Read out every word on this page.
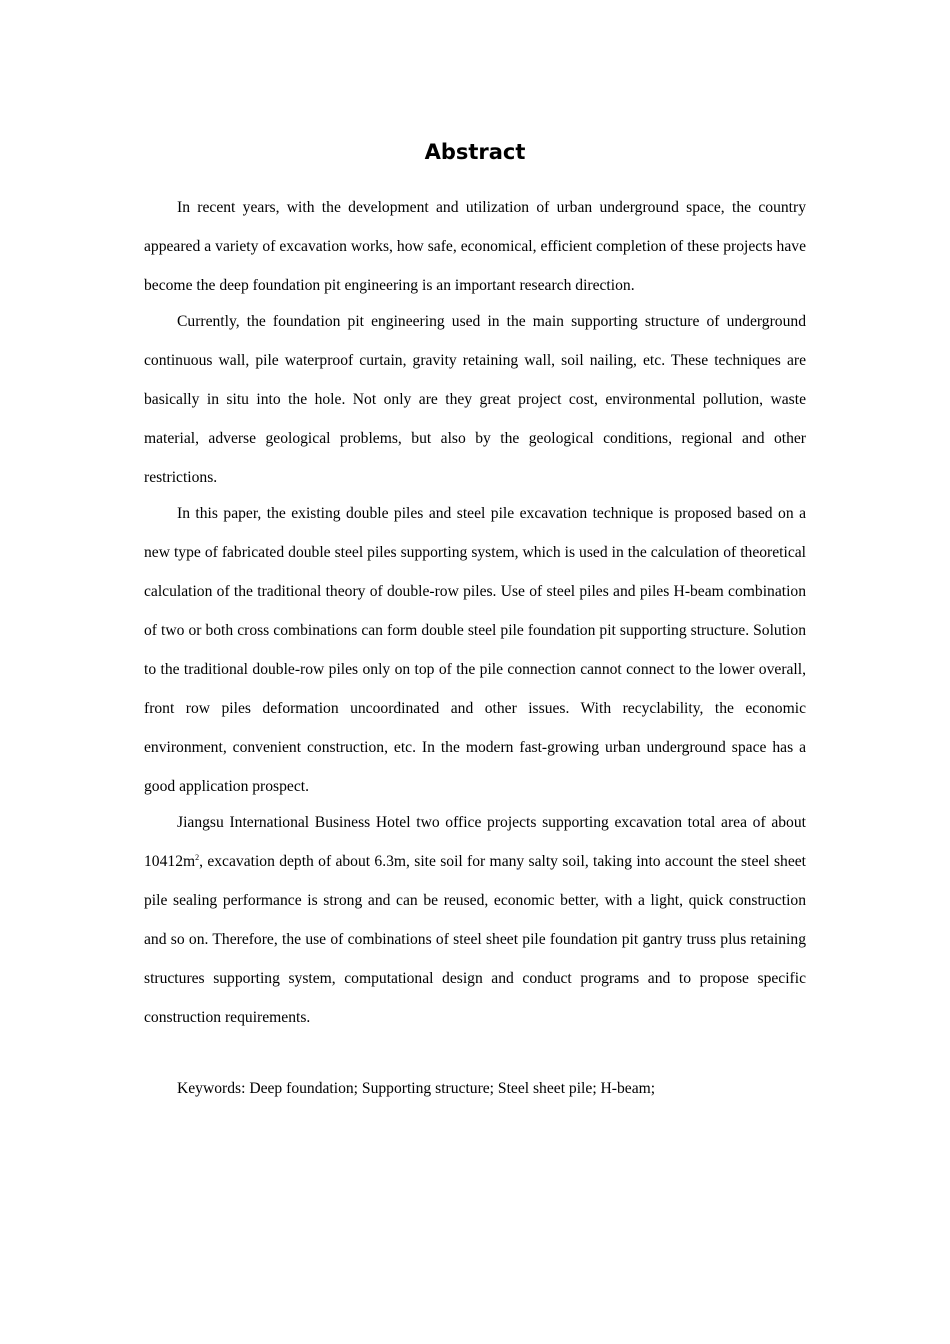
Abstract

In recent years, with the development and utilization of urban underground space, the country appeared a variety of excavation works, how safe, economical, efficient completion of these projects have become the deep foundation pit engineering is an important research direction.

Currently, the foundation pit engineering used in the main supporting structure of underground continuous wall, pile waterproof curtain, gravity retaining wall, soil nailing, etc. These techniques are basically in situ into the hole. Not only are they great project cost, environmental pollution, waste material, adverse geological problems, but also by the geological conditions, regional and other restrictions.

In this paper, the existing double piles and steel pile excavation technique is proposed based on a new type of fabricated double steel piles supporting system, which is used in the calculation of theoretical calculation of the traditional theory of double-row piles. Use of steel piles and piles H-beam combination of two or both cross combinations can form double steel pile foundation pit supporting structure. Solution to the traditional double-row piles only on top of the pile connection cannot connect to the lower overall, front row piles deformation uncoordinated and other issues. With recyclability, the economic environment, convenient construction, etc. In the modern fast-growing urban underground space has a good application prospect.

Jiangsu International Business Hotel two office projects supporting excavation total area of about $10412m^2$, excavation depth of about 6.3m, site soil for many salty soil, taking into account the steel sheet pile sealing performance is strong and can be reused, economic better, with a light, quick construction and so on. Therefore, the use of combinations of steel sheet pile foundation pit gantry truss plus retaining structures supporting system, computational design and conduct programs and to propose specific construction requirements.

Keywords: Deep foundation; Supporting structure; Steel sheet pile; H-beam;
